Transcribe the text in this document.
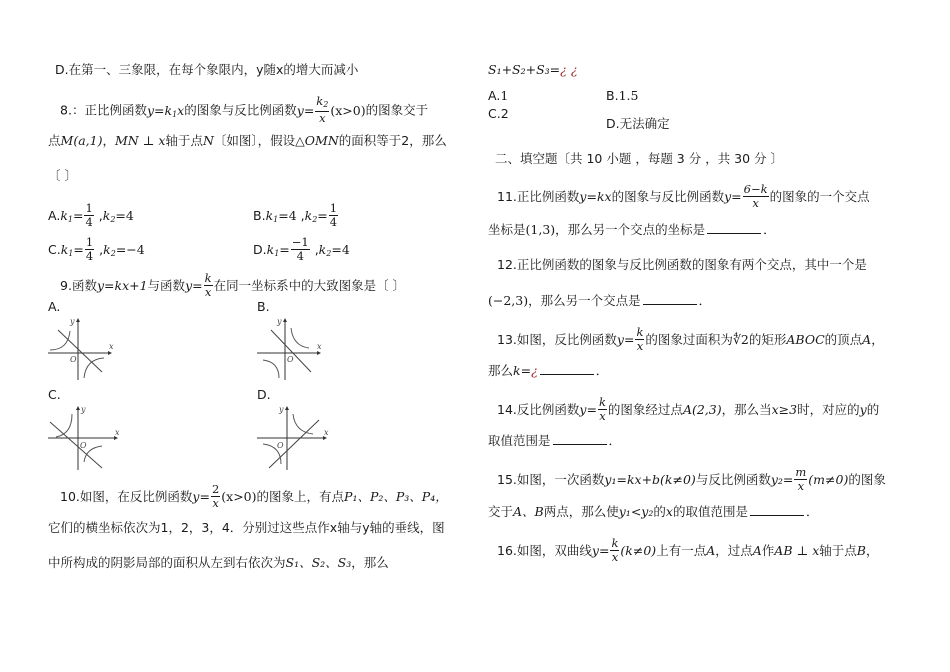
D.在第一、三象限，在每个象限内，y随x的增大而减小
8.：正比例函数$y=k_1x$的图象与反比例函数$y= \frac{k_2}{x} (x>0)$的图象交于
点M(a,1)，MN ⊥ x轴于点N〔如图〕，假设△OMN的面积等于2，那么
〔 〕
$A.k_1= \frac{1}{4} ,k_2=4$	$B.k_1=4$ $,k_2= \frac{1}{4}$
$C.k_1= \frac{1}{4} ,k_2=-4$	$D.k_1= \frac{-1}{4} ,k_2=4$
9.函数y=kx+1与函数$y= \frac{k}{x}$ 在同一坐标系中的大致图象是〔 〕
A.	B.
C.	D.
x
y
O
x
y
O
x
y
O
x
y
O
10.如图，在反比例函数$y= \frac{2}{x} (x>0)$的图象上，有点P₁、P₂、P₃、P₄，
它们的横坐标依次为1，2，3，4．分别过这些点作x轴与y轴的垂线，图
中所构成的阴影局部的面积从左到右依次为S₁、S₂、S₃，那么
S₁+S₂+S₃=¿ ¿
A.1	B.1.5
C.2
D.无法确定
二、填空题〔共 10 小题 ，每题 3 分 ，共 30 分 〕
11.正比例函数y=kx的图象与反比例函数$y= \frac{6-k}{x}$ 的图象的一个交点
坐标是(1,3)，那么另一个交点的坐标是	．
12.正比例函数的图象与反比例函数的图象有两个交点，其中一个是
(−2,3)，那么另一个交点是	．
13.如图，反比例函数$y= \frac{k}{x}$ 的图象过面积为∜2的矩形ABOC的顶点A，
那么k=¿	．
14.反比例函数$y= \frac{k}{x}$ 的图象经过点A(2,3)，那么当x≥3时，对应的y的
取值范围是	．
15.如图，一次函数y₁=kx+b(k≠0)与反比例函数$y_2= \frac{m}{x} (m\ne 0)$的图象
交于A、B两点，那么使y₁<y₂的x的取值范围是	．
16.如图，双曲线$y= \frac{k}{x} (k\ne 0)$上有一点A，过点A作AB ⊥ x轴于点B，
